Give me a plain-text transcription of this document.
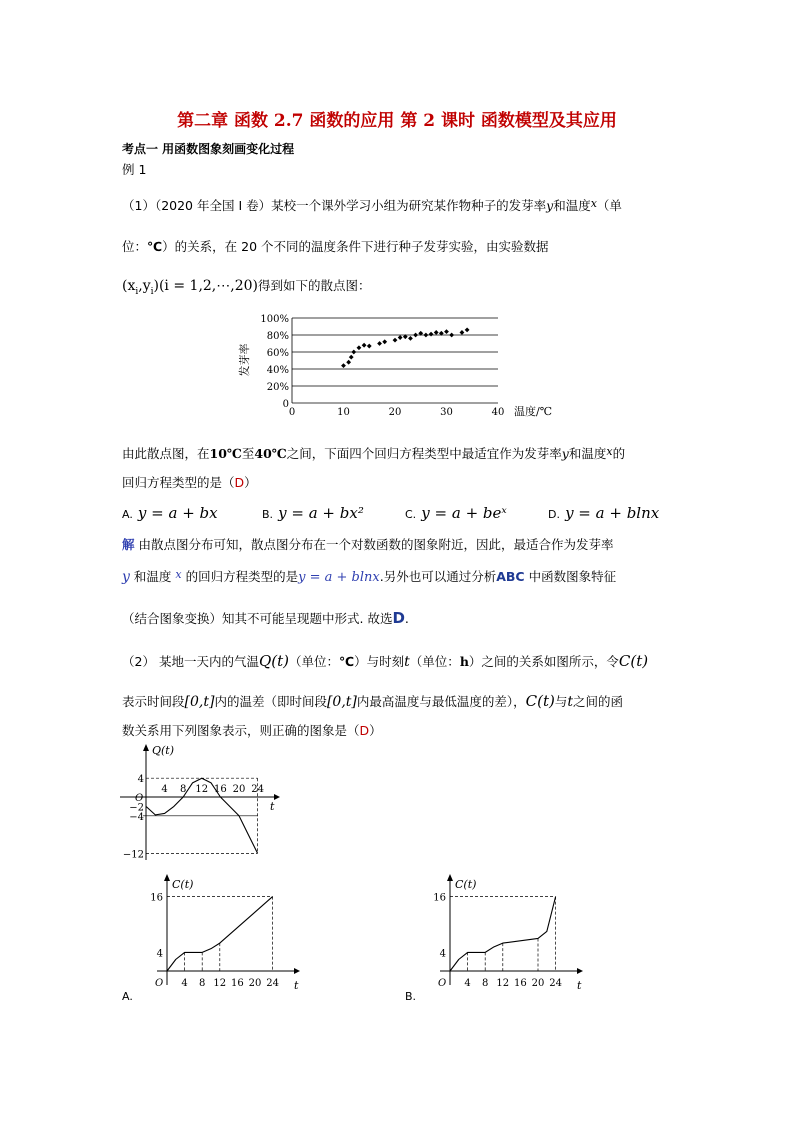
第二章 函数 2.7 函数的应用 第 2 课时 函数模型及其应用
考点一 用函数图象刻画变化过程
例 1
（1）（2020 年全国 I 卷）某校一个课外学习小组为研究某作物种子的发芽率y和温度x（单
位：℃）的关系，在 20 个不同的温度条件下进行种子发芽实验，由实验数据
$(x_i,y_i)(i$ = 1,2,⋯,20)得到如下的散点图：
0
20%
40%
60%
80%
100%
0	10	20	30	40
发芽率
温度/℃
由此散点图，在10℃至40℃之间，下面四个回归方程类型中最适宜作为发芽率y和温度x的
回归方程类型的是（D）
A. y = a + bx	B. y = a + bx²	C. y = a + beˣ	D. y = a + blnx
解 由散点图分布可知，散点图分布在一个对数函数的图象附近，因此，最适合作为发芽率
y 和温度 x 的回归方程类型的是y = a + blnx.另外也可以通过分析ABC 中函数图象特征
（结合图象变换）知其不可能呈现题中形式. 故选D.
（2） 某地一天内的气温Q(t)（单位：℃）与时刻t（单位：h）之间的关系如图所示，令C(t)
表示时间段[0,t]内的温差（即时间段[0,t]内最高温度与最低温度的差），C(t)与t之间的函
数关系用下列图象表示，则正确的图象是（D）
Q(t)
t
O
4 8 12 16 20 24
4
−2
−4
−12
C(t)
t
O 4 8 12 16 20 24
16
4
A.
C(t)
t
O 4 8 12 16 20 24
16
4
B.
